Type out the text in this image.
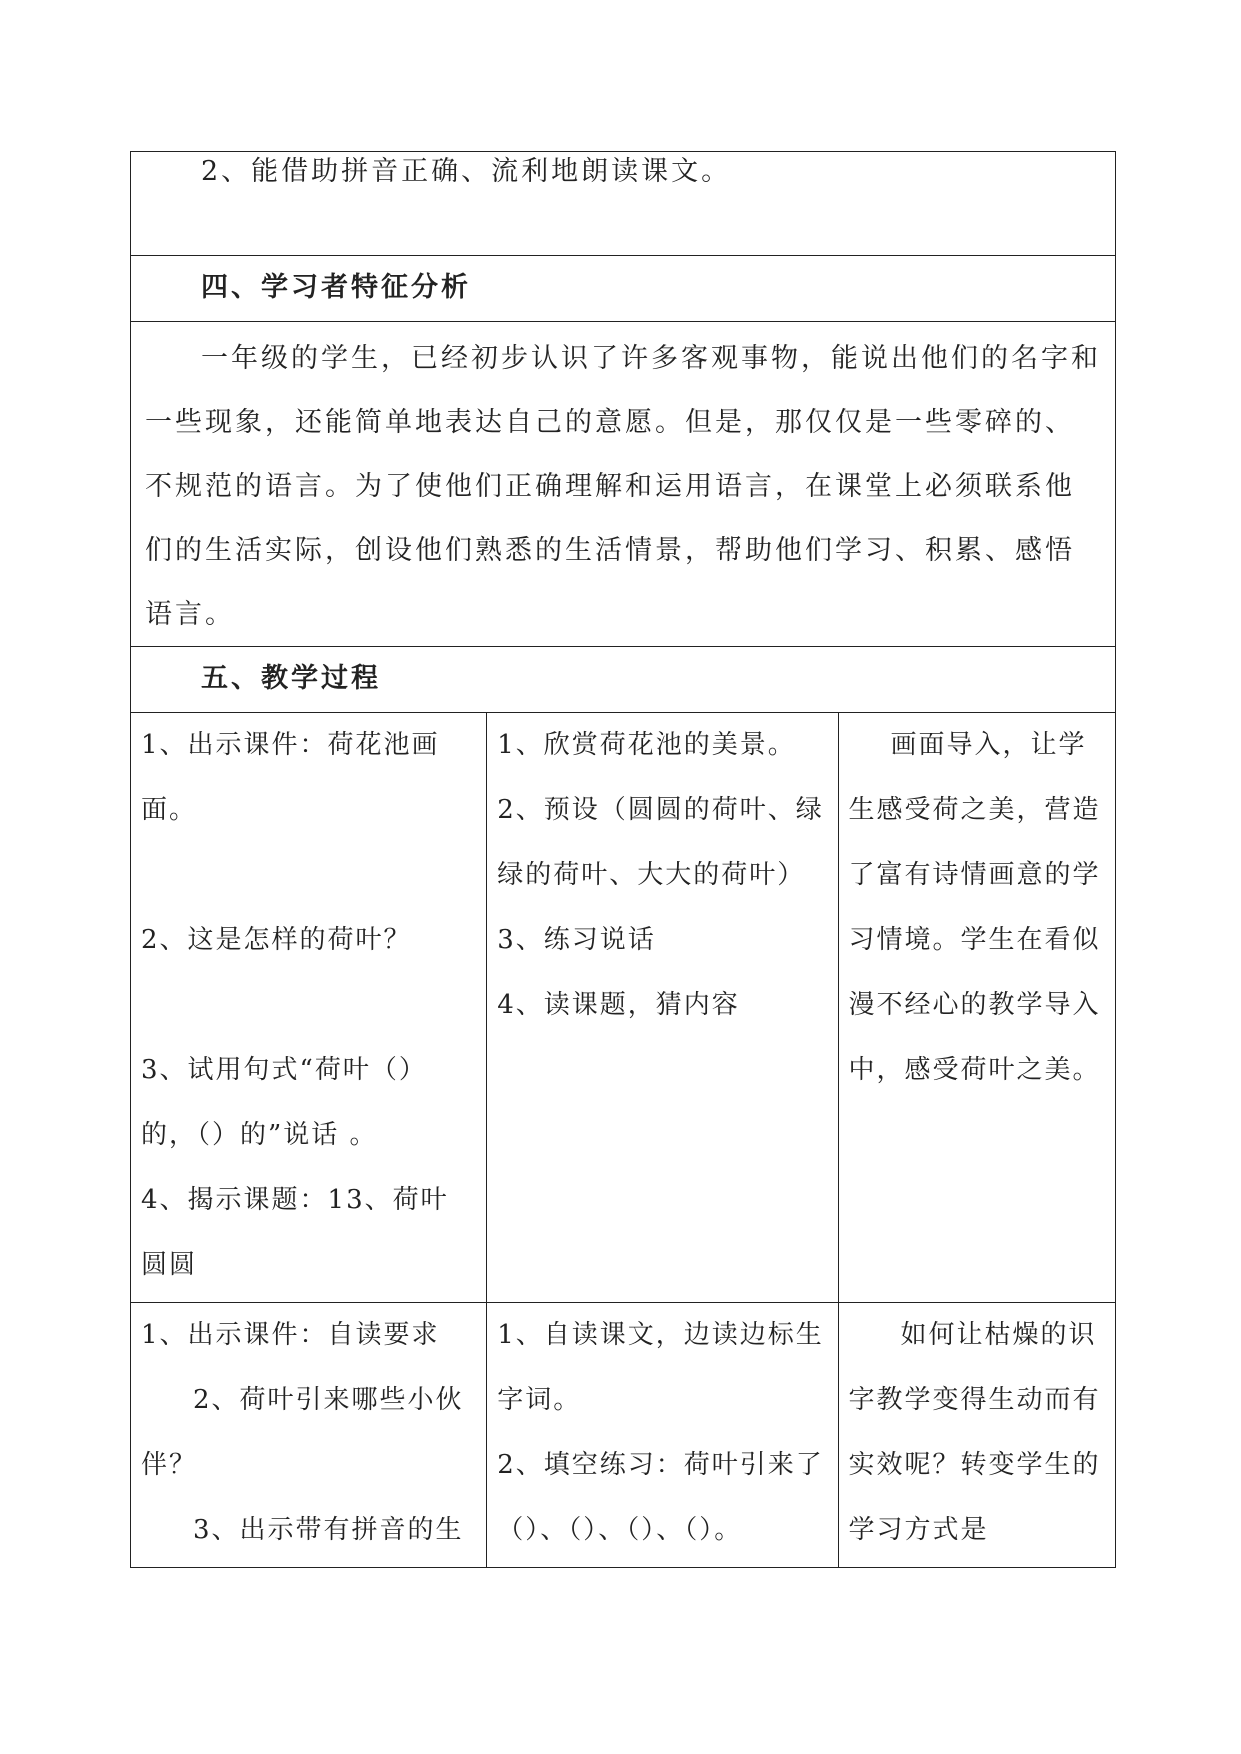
2、能借助拼音正确、流利地朗读课文。
四、学习者特征分析
一年级的学生，已经初步认识了许多客观事物，能说出他们的名字和一些现象，还能简单地表达自己的意愿。但是，那仅仅是一些零碎的、不规范的语言。为了使他们正确理解和运用语言，在课堂上必须联系他们的生活实际，创设他们熟悉的生活情景，帮助他们学习、积累、感悟语言。
五、教学过程

1、出示课件：荷花池画面。

2、这是怎样的荷叶？

3、试用句式“荷叶（）的，（）的”说话 。

4、揭示课题：13、荷叶圆圆

1、欣赏荷花池的美景。

2、预设（圆圆的荷叶、绿绿的荷叶、大大的荷叶）

3、练习说话

4、读课题，猜内容

画面导入，让学生感受荷之美，营造了富有诗情画意的学习情境。学生在看似漫不经心的教学导入中，感受荷叶之美。

1、出示课件：自读要求

2、荷叶引来哪些小伙伴？

3、出示带有拼音的生

1、自读课文，边读边标生字词。

2、填空练习：荷叶引来了（）、（）、（）、（）。

如何让枯燥的识字教学变得生动而有实效呢？转变学生的学习方式是
